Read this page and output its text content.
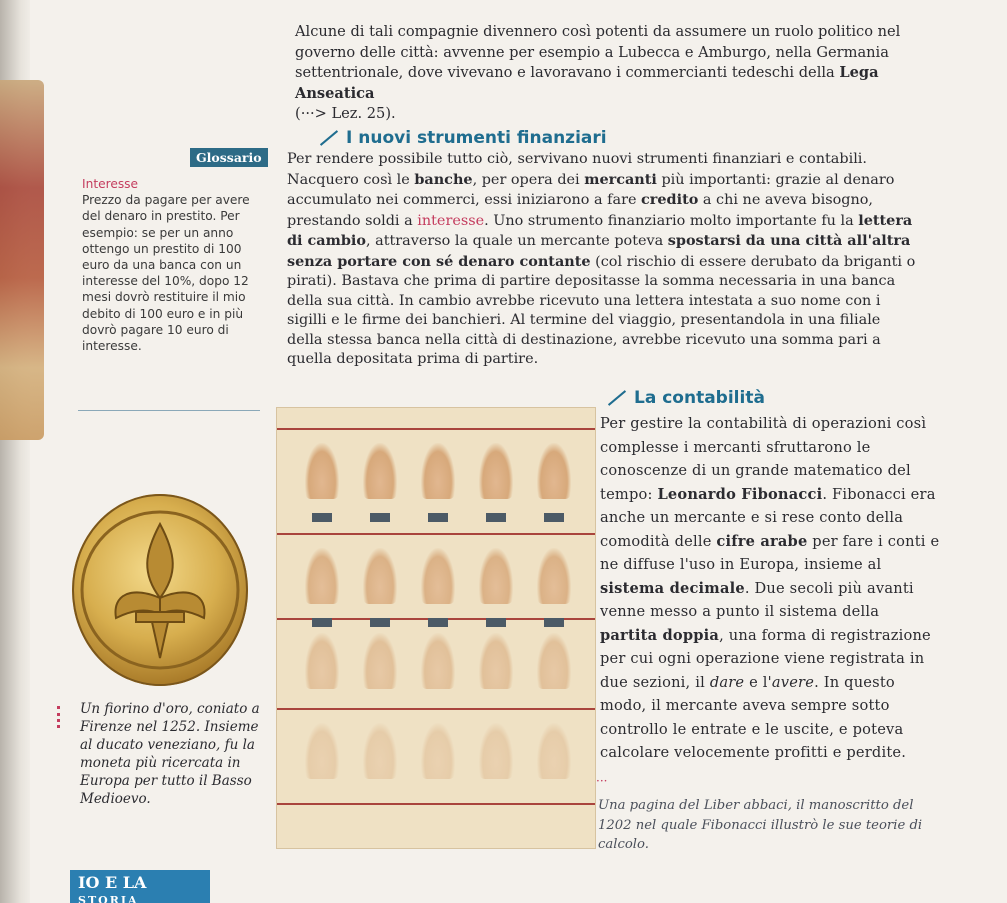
Alcune di tali compagnie divennero così potenti da assumere un ruolo politico nel governo delle città: avvenne per esempio a Lubecca e Amburgo, nella Germania settentrionale, dove vivevano e lavoravano i commercianti tedeschi della Lega Anseatica
(···> Lez. 25).
I nuovi strumenti finanziari
Glossario
Interesse
Prezzo da pagare per avere del denaro in prestito. Per esempio: se per un anno ottengo un prestito di 100 euro da una banca con un interesse del 10%, dopo 12 mesi dovrò restituire il mio debito di 100 euro e in più dovrò pagare 10 euro di interesse.

Per rendere possibile tutto ciò, servivano nuovi strumenti finanziari e contabili. Nacquero così le banche, per opera dei mercanti più importanti: grazie al denaro accumulato nei commerci, essi iniziarono a fare credito a chi ne aveva bisogno, prestando soldi a interesse. Uno strumento finanziario molto importante fu la lettera di cambio, attraverso la quale un mercante poteva spostarsi da una città all'altra senza portare con sé denaro contante (col rischio di essere derubato da briganti o pirati). Bastava che prima di partire depositasse la somma necessaria in una banca della sua città. In cambio avrebbe ricevuto una lettera intestata a suo nome con i sigilli e le firme dei banchieri. Al termine del viaggio, presentandola in una filiale della stessa banca nella città di destinazione, avrebbe ricevuto una somma pari a quella depositata prima di partire.

Un fiorino d'oro, coniato a Firenze nel 1252. Insieme al ducato veneziano, fu la moneta più ricercata in Europa per tutto il Basso Medioevo.
La contabilità

Per gestire la contabilità di operazioni così complesse i mercanti sfruttarono le conoscenze di un grande matematico del tempo: Leonardo Fibonacci. Fibonacci era anche un mercante e si rese conto della comodità delle cifre arabe per fare i conti e ne diffuse l'uso in Europa, insieme al sistema decimale. Due secoli più avanti venne messo a punto il sistema della partita doppia, una forma di registrazione per cui ogni operazione viene registrata in due sezioni, il dare e l'avere. In questo modo, il mercante aveva sempre sotto controllo le entrate e le uscite, e poteva calcolare velocemente profitti e perdite.

···
Una pagina del Liber abbaci, il manoscritto del 1202 nel quale Fibonacci illustrò le sue teorie di calcolo.
IO E LA
STORIA
